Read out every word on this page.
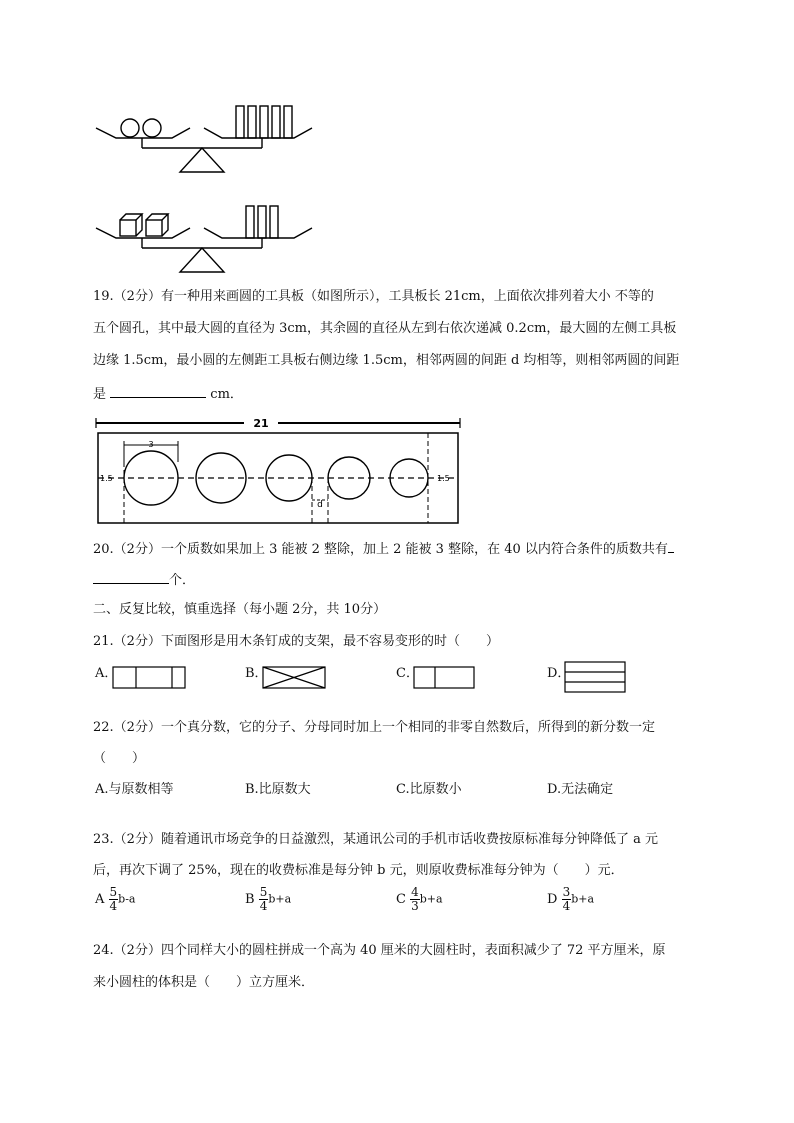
19.（2分）有一种用来画圆的工具板（如图所示），工具板长 21cm，上面依次排列着大小 不等的
五个圆孔，其中最大圆的直径为 3cm，其余圆的直径从左到右依次递减 0.2cm，最大圆的左侧工具板
边缘 1.5cm，最小圆的左侧距工具板右侧边缘 1.5cm，相邻两圆的间距 d 均相等，则相邻两圆的间距
是	cm．
21
3
1.5	1.5
d
20.（2分）一个质数如果加上 3 能被 2 整除，加上 2 能被 3 整除，在 40 以内符合条件的质数共有
个．
二、反复比较，慎重选择（每小题 2分，共 10分）
21.（2分）下面图形是用木条钉成的支架，最不容易变形的时（　　）
A．	B．	C．	D．
22.（2分）一个真分数，它的分子、分母同时加上一个相同的非零自然数后，所得到的新分数一定
（　　）
A.与原数相等	B.比原数大	C.比原数小	D.无法确定
23.（2分）随着通讯市场竞争的日益激烈，某通讯公司的手机市话收费按原标准每分钟降低了 a 元
后，再次下调了 25%，现在的收费标准是每分钟 b 元，则原收费标准每分钟为（　　）元．
A $\frac{5}{4} b-a$	B $\frac{5}{4} b+a$	C $\frac{4}{3} b+a$	D $\frac{3}{4} b+a$
24.（2分）四个同样大小的圆柱拼成一个高为 40 厘米的大圆柱时，表面积减少了 72 平方厘米，原
来小圆柱的体积是（　　）立方厘米．
